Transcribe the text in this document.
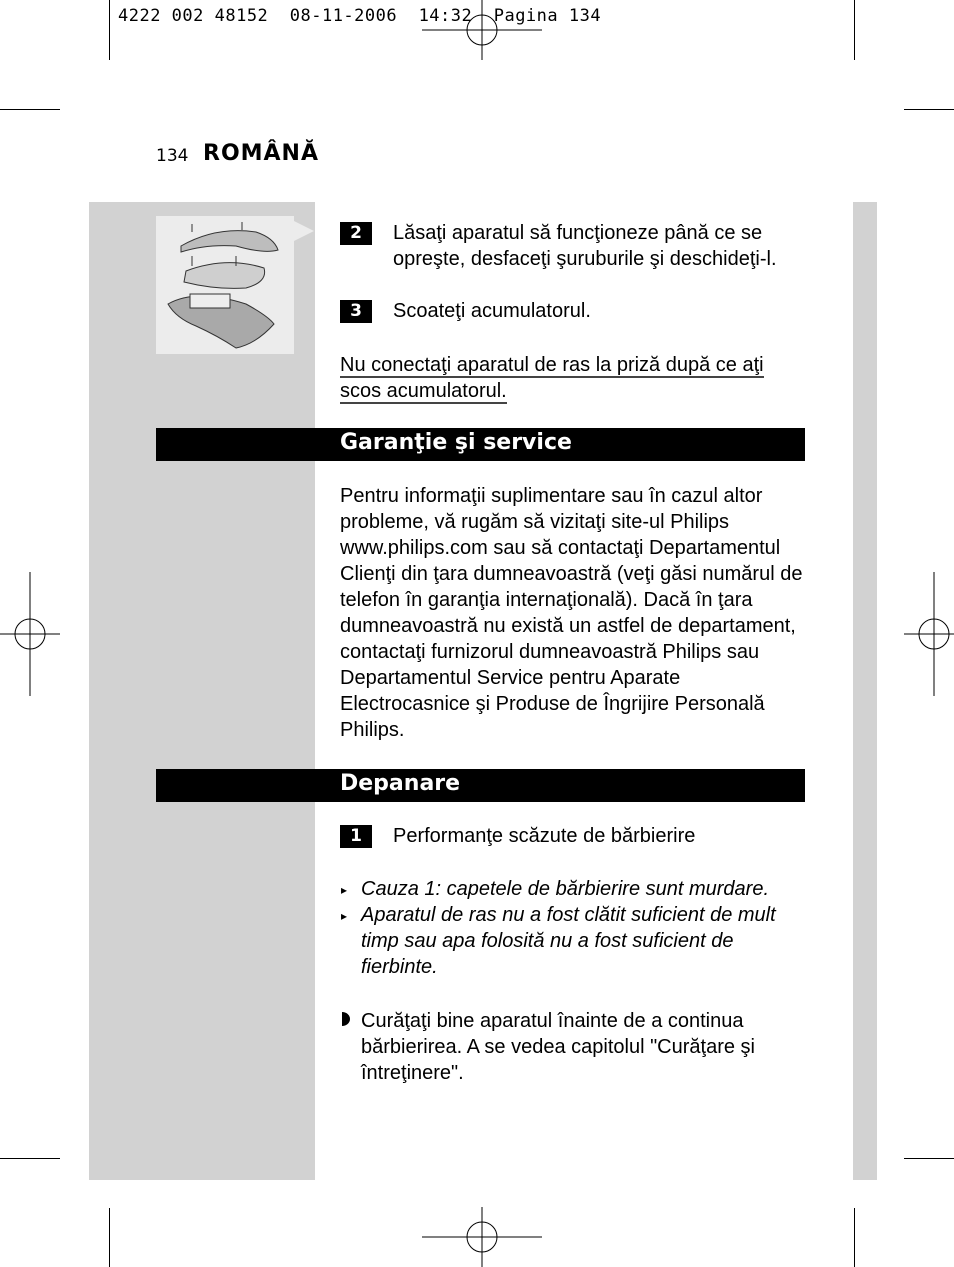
4222 002 48152  08-11-2006  14:32  Pagina 134
134 ROMÂNĂ
2	Lăsaţi aparatul să funcţioneze până ce se opreşte, desfaceţi şuruburile şi deschideţi-l.
3	Scoateţi acumulatorul.
Nu conectaţi aparatul de ras la priză după ce aţi scos acumulatorul.
Garanţie şi service
Pentru informaţii suplimentare sau în cazul altor probleme, vă rugăm să vizitaţi site-ul Philips www.philips.com sau să contactaţi Departamentul Clienţi din ţara dumneavoastră (veţi găsi numărul de telefon în garanţia internaţională). Dacă în ţara dumneavoastră nu există un astfel de departament, contactaţi furnizorul dumneavoastră Philips sau Departamentul Service pentru Aparate Electrocasnice şi Produse de Îngrijire Personală Philips.
Depanare
1	Performanţe scăzute de bărbierire
▸ Cauza 1: capetele de bărbierire sunt murdare.
▸ Aparatul de ras nu a fost clătit suficient de mult timp sau apa folosită nu a fost suficient de fierbinte.
Curăţaţi bine aparatul înainte de a continua bărbierirea. A se vedea capitolul "Curăţare şi întreţinere".
